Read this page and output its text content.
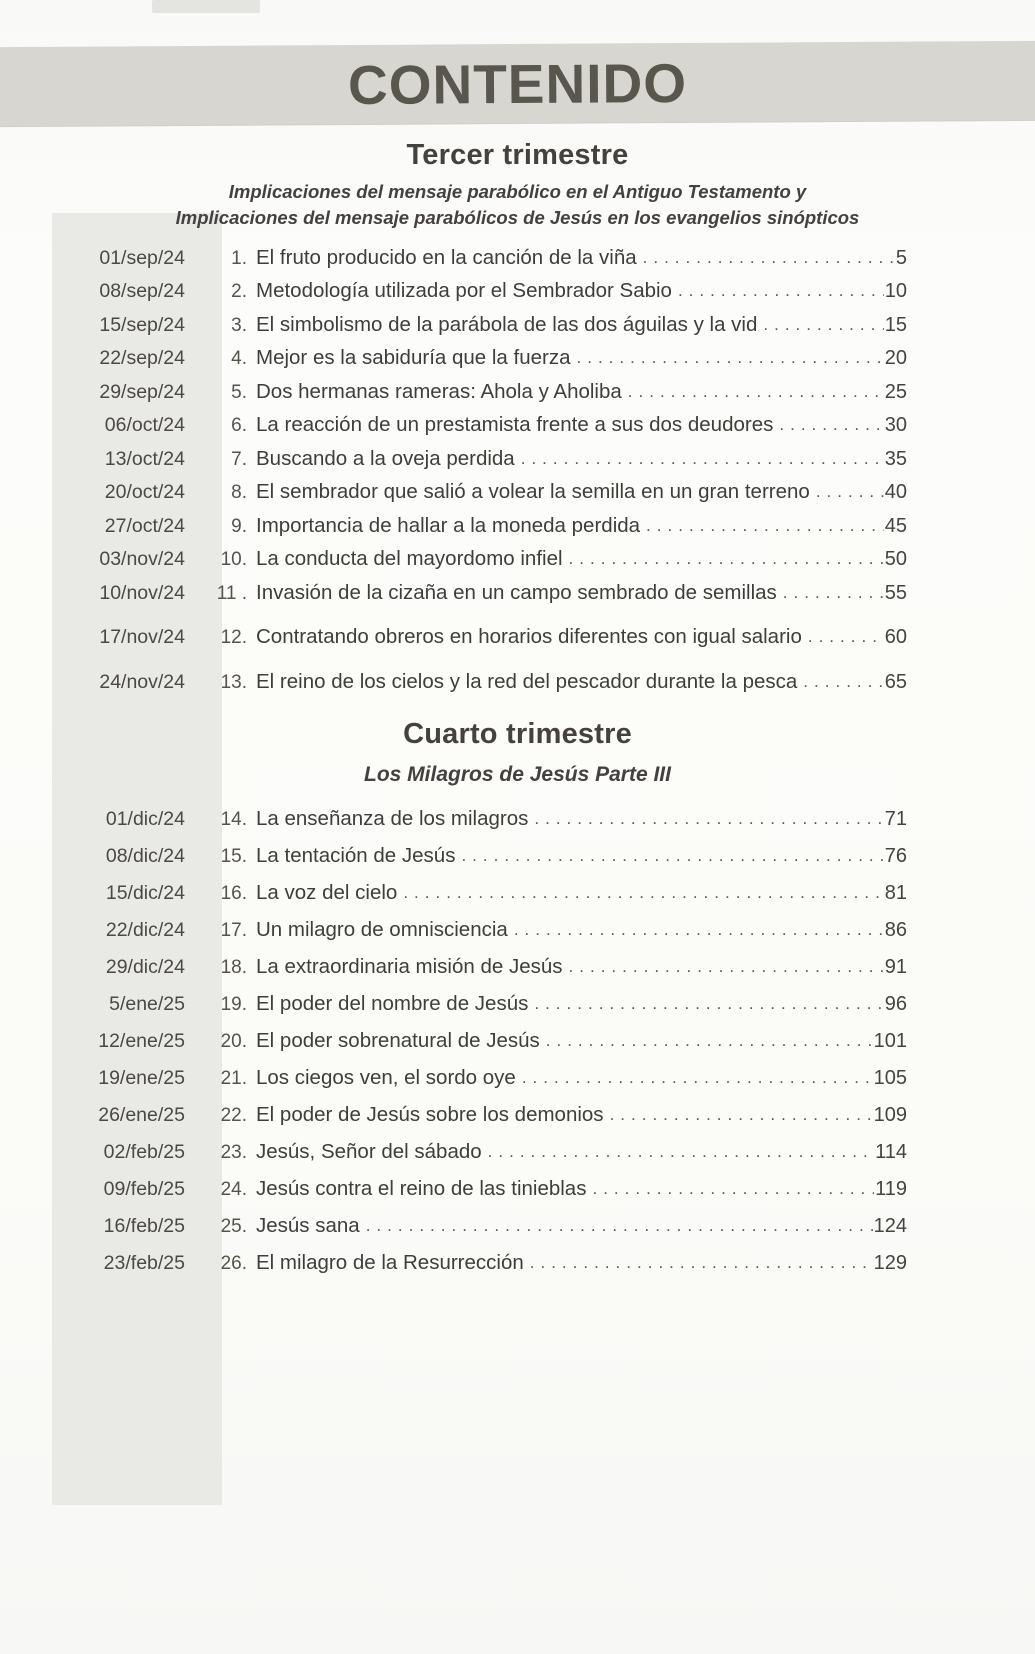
CONTENIDO
Tercer trimestre
Implicaciones del mensaje parabólico en el Antiguo Testamento y
Implicaciones del mensaje parabólicos de Jesús en los evangelios sinópticos
01/sep/24	1. El fruto producido en la canción de la viña .....	5
08/sep/24	2. Metodología utilizada por el Sembrador Sabio .....	10
15/sep/24	3. El simbolismo de la parábola de las dos águilas y la vid .....	15
22/sep/24	4. Mejor es la sabiduría que la fuerza .....	20
29/sep/24	5. Dos hermanas rameras: Ahola y Aholiba .....	25
06/oct/24	6. La reacción de un prestamista frente a sus dos deudores .....	30
13/oct/24	7. Buscando a la oveja perdida .....	35
20/oct/24	8. El sembrador que salió a volear la semilla en un gran terreno .....	40
27/oct/24	9. Importancia de hallar a la moneda perdida .....	45
03/nov/24	10. La conducta del mayordomo infiel .....	50
10/nov/24	11 . Invasión de la cizaña en un campo sembrado de semillas .....	55
17/nov/24	12. Contratando obreros en horarios diferentes con igual salario .....	60
24/nov/24	13. El reino de los cielos y la red del pescador durante la pesca .....	65
Cuarto trimestre
Los Milagros de Jesús Parte III
01/dic/24	14. La enseñanza de los milagros .....	71
08/dic/24	15. La tentación de Jesús .....	76
15/dic/24	16. La voz del cielo .....	81
22/dic/24	17. Un milagro de omnisciencia .....	86
29/dic/24	18. La extraordinaria misión de Jesús .....	91
5/ene/25	19. El poder del nombre de Jesús .....	96
12/ene/25	20. El poder sobrenatural de Jesús .....	101
19/ene/25	21. Los ciegos ven, el sordo oye .....	105
26/ene/25	22. El poder de Jesús sobre los demonios .....	109
02/feb/25	23. Jesús, Señor del sábado .....	114
09/feb/25	24. Jesús contra el reino de las tinieblas .....	119
16/feb/25	25. Jesús sana .....	124
23/feb/25	26. El milagro de la Resurrección .....	129
